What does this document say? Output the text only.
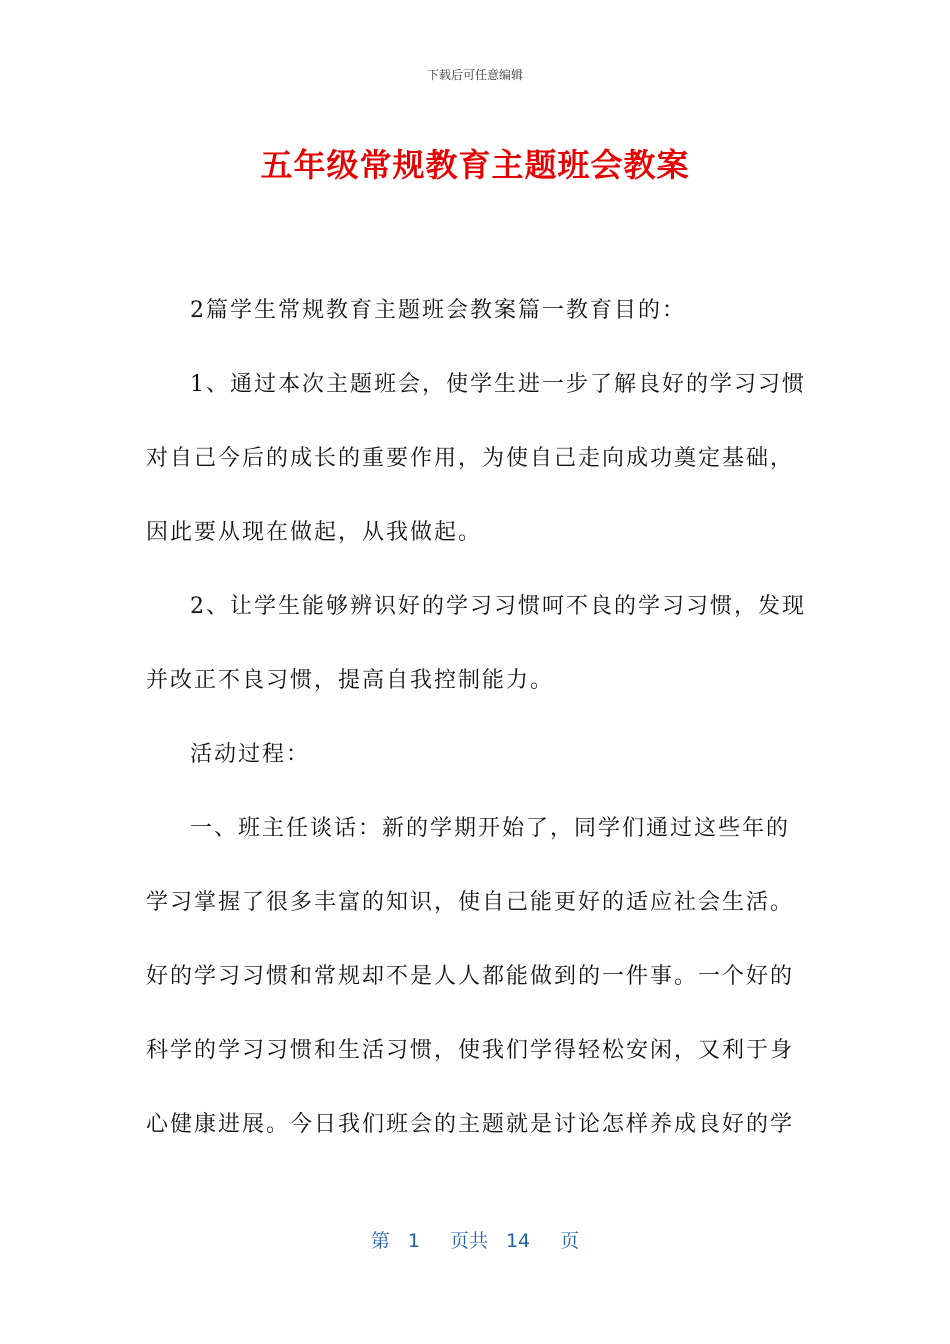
下载后可任意编辑
五年级常规教育主题班会教案

2篇学生常规教育主题班会教案篇一教育目的：

1、通过本次主题班会，使学生进一步了解良好的学习习惯对自己今后的成长的重要作用，为使自己走向成功奠定基础，因此要从现在做起，从我做起。

2、让学生能够辨识好的学习习惯呵不良的学习习惯，发现并改正不良习惯，提高自我控制能力。

活动过程：

一、班主任谈话：新的学期开始了，同学们通过这些年的学习掌握了很多丰富的知识，使自己能更好的适应社会生活。好的学习习惯和常规却不是人人都能做到的一件事。一个好的科学的学习习惯和生活习惯，使我们学得轻松安闲，又利于身心健康进展。今日我们班会的主题就是讨论怎样养成良好的学

第 1 页共 14 页
